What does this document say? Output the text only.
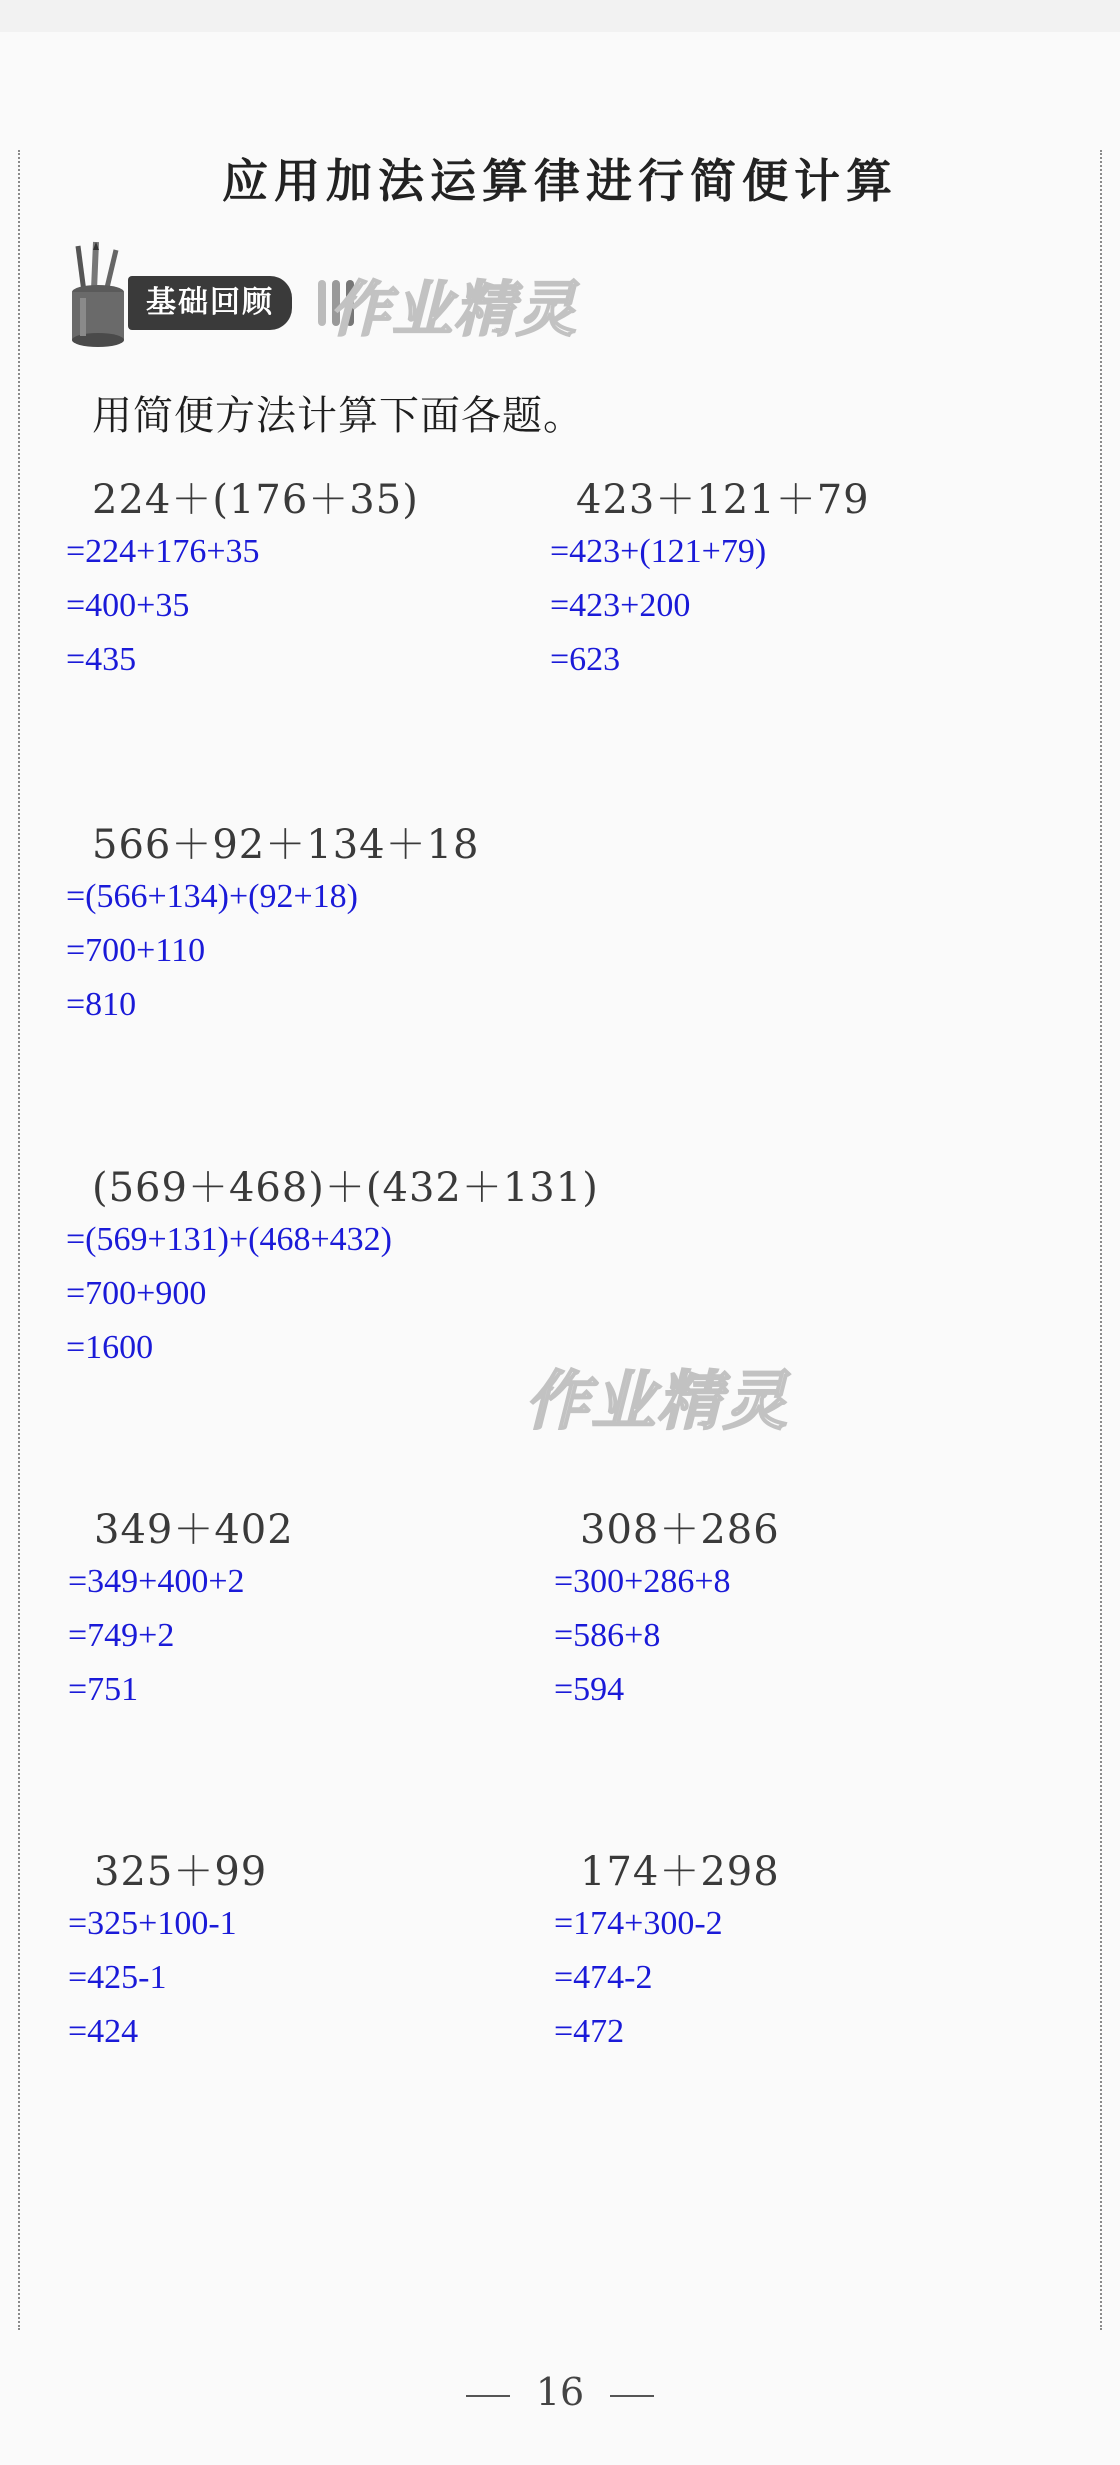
应用加法运算律进行简便计算
基础回顾 作业精灵
作业精灵
用简便方法计算下面各题。
224＋(176＋35)
=224+176+35
=400+35
=435
423＋121＋79
=423+(121+79)
=423+200
=623
566＋92＋134＋18
=(566+134)+(92+18)
=700+110
=810
(569＋468)＋(432＋131)
=(569+131)+(468+432)
=700+900
=1600
349＋402
=349+400+2
=749+2
=751
308＋286
=300+286+8
=586+8
=594
325＋99
=325+100-1
=425-1
=424
174＋298
=174+300-2
=474-2
=472
16
